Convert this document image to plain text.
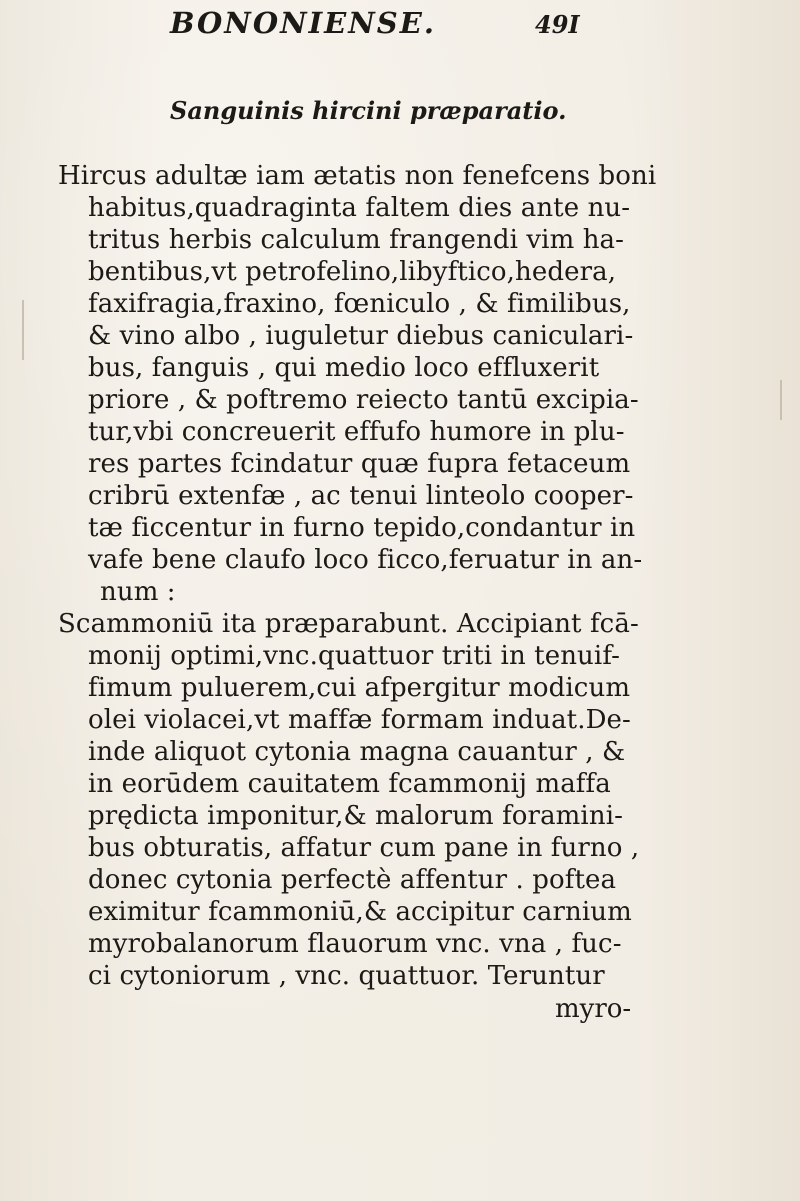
BONONIENSE.	49I
Sanguinis hircini præparatio.
Hircus adultæ iam ætatis non fenefcens boni
habitus,quadraginta faltem dies ante nu-
tritus herbis calculum frangendi vim ha-
bentibus,vt petrofelino,libyftico,hedera,
faxifragia,fraxino, fœniculo , & fimilibus,
& vino albo , iuguletur diebus caniculari-
bus, fanguis , qui medio loco effluxerit
priore , & poftremo reiecto tantū excipia-
tur,vbi concreuerit effufo humore in plu-
res partes fcindatur quæ fupra fetaceum
cribrū extenfæ , ac tenui linteolo cooper-
tæ ficcentur in furno tepido,condantur in
vafe bene claufo loco ficco,feruatur in an-
num :
Scammoniū ita præparabunt. Accipiant fcā-
monij optimi,vnc.quattuor triti in tenuif-
fimum puluerem,cui afpergitur modicum
olei violacei,vt maffæ formam induat.De-
inde aliquot cytonia magna cauantur , &
in eorūdem cauitatem fcammonij maffa
prędicta imponitur,& malorum foramini-
bus obturatis, affatur cum pane in furno ,
donec cytonia perfectè affentur . poftea
eximitur fcammoniū,& accipitur carnium
myrobalanorum flauorum vnc. vna , fuc-
ci cytoniorum , vnc. quattuor. Teruntur
myro-
